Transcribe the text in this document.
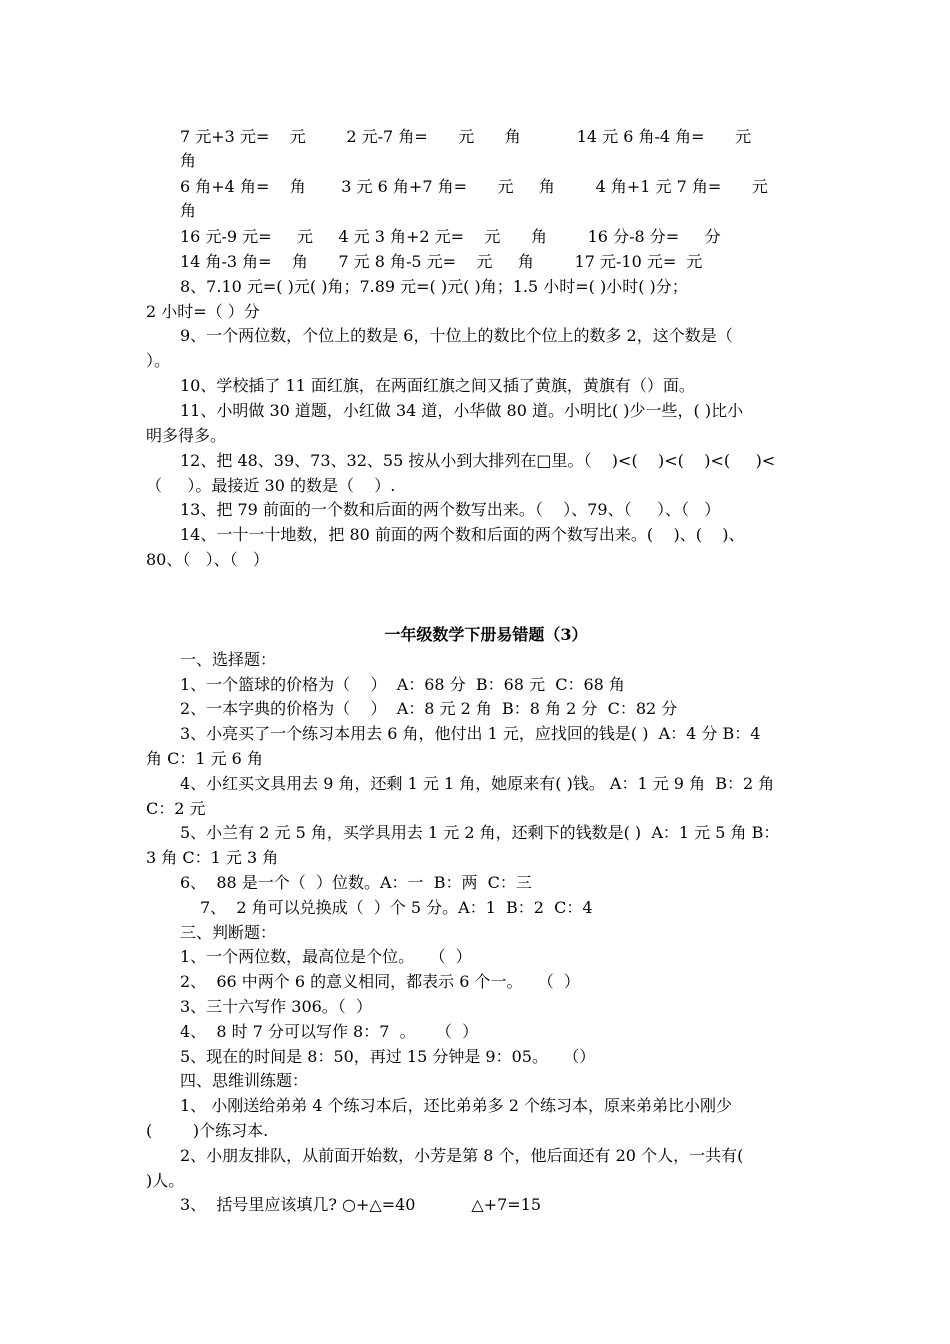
7 元+3 元=    元        2 元-7 角=      元      角           14 元 6 角-4 角=      元
角
6 角+4 角=    角       3 元 6 角+7 角=      元     角        4 角+1 元 7 角=      元
角
16 元-9 元=     元     4 元 3 角+2 元=    元      角        16 分-8 分=     分
14 角-3 角=    角      7 元 8 角-5 元=    元     角        17 元-10 元=  元
8、7.10 元=( )元( )角；7.89 元=( )元( )角；1.5 小时=( )小时( )分；
2 小时=（ ）分
9、一个两位数，个位上的数是 6，十位上的数比个位上的数多 2，这个数是（
）。
10、学校插了 11 面红旗，在两面红旗之间又插了黄旗，黄旗有（）面。
11、小明做 30 道题，小红做 34 道，小华做 80 道。小明比( )少一些，( )比小
明多得多。
12、把 48、39、73、32、55 按从小到大排列在□里。（    )<(    )<(    )<(     )<
（     ）。最接近 30 的数是（    ）.
13、把 79 前面的一个数和后面的两个数写出来。（    ）、79、（     ）、（   ）
14、一十一十地数，把 80 前面的两个数和后面的两个数写出来。(    )、(    )、
80、（   ）、（   ）
一年级数学下册易错题（3）
一、选择题：
1、一个篮球的价格为（    ）  A：68 分  B：68 元  C：68 角
2、一本字典的价格为（    ）  A：8 元 2 角  B：8 角 2 分  C：82 分
3、小亮买了一个练习本用去 6 角，他付出 1 元，应找回的钱是( )  A：4 分 B：4
角 C：1 元 6 角
4、小红买文具用去 9 角，还剩 1 元 1 角，她原来有( )钱。 A：1 元 9 角  B：2 角
C：2 元
5、小兰有 2 元 5 角，买学具用去 1 元 2 角，还剩下的钱数是( )  A：1 元 5 角 B：
3 角 C：1 元 3 角
6、  88 是一个（  ）位数。A：一  B：两  C：三
7、  2 角可以兑换成（  ）个 5 分。A：1  B：2  C：4
三、判断题：
1、一个两位数，最高位是个位。   （  ）
2、  66 中两个 6 的意义相同，都表示 6 个一。   （  ）
3、三十六写作 306。（  ）
4、  8 时 7 分可以写作 8：7  。    （  ）
5、现在的时间是 8：50，再过 15 分钟是 9：05。   （）
四、思维训练题：
1、 小刚送给弟弟 4 个练习本后，还比弟弟多 2 个练习本，原来弟弟比小刚少
(        )个练习本.
2、小朋友排队，从前面开始数，小芳是第 8 个，他后面还有 20 个人，一共有(
)人。
3、  括号里应该填几? ○+△=40           △+7=15
